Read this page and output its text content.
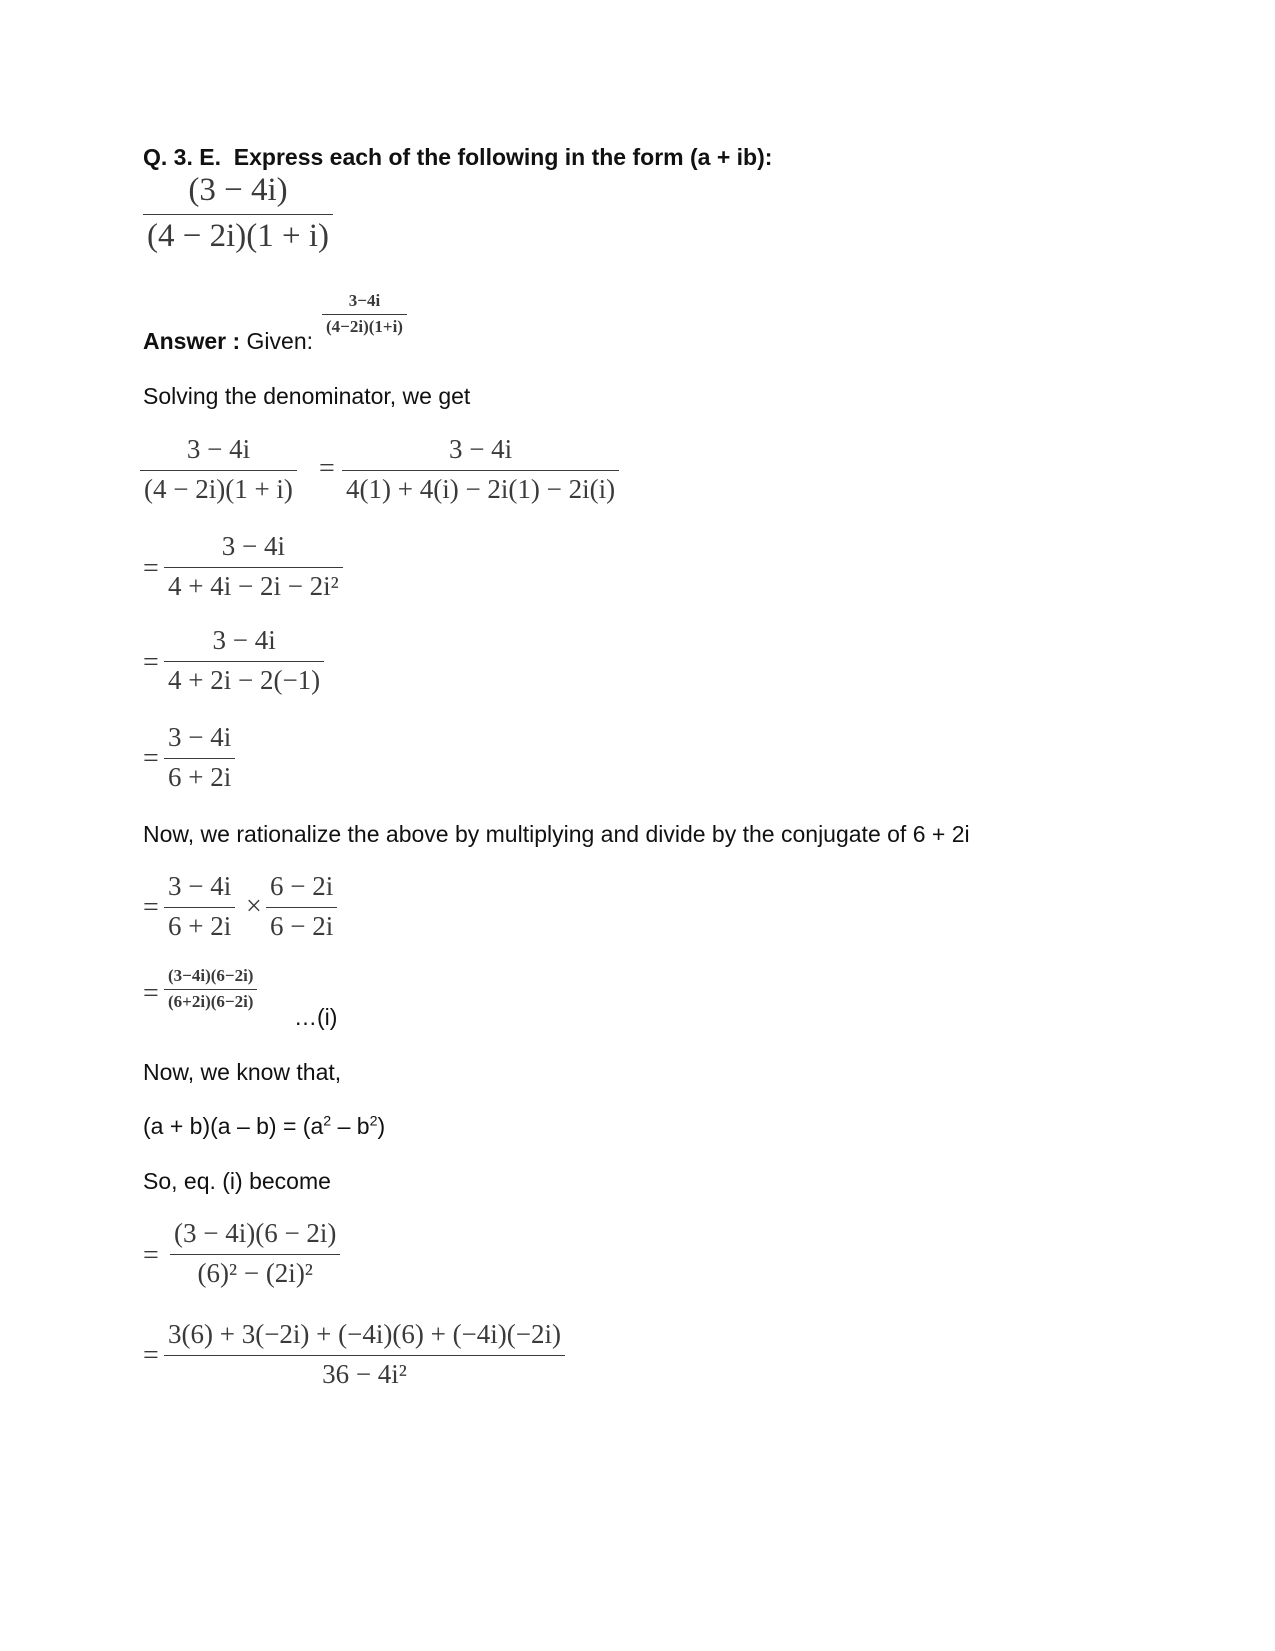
Q. 3. E. Express each of the following in the form (a + ib):
(3 − 4i)
(4 − 2i)(1 + i)
Answer : Given:
3−4i
(4−2i)(1+i)
Solving the denominator, we get
3 − 4i
(4 − 2i)(1 + i)
=
3 − 4i
4(1) + 4(i) − 2i(1) − 2i(i)
=
3 − 4i
4 + 4i − 2i − 2i²
=
3 − 4i
4 + 2i − 2(−1)
=
3 − 4i
6 + 2i
Now, we rationalize the above by multiplying and divide by the conjugate of 6 + 2i
=
3 − 4i
6 + 2i
×
6 − 2i
6 − 2i
=
(3−4i)(6−2i)
(6+2i)(6−2i)
…(i)
Now, we know that,
$(a + b)(a - b) = (a^2 - b^2)$
So, eq. (i) become
=
(3 − 4i)(6 − 2i)
(6)² − (2i)²
=
3(6) + 3(−2i) + (−4i)(6) + (−4i)(−2i)
36 − 4i²
